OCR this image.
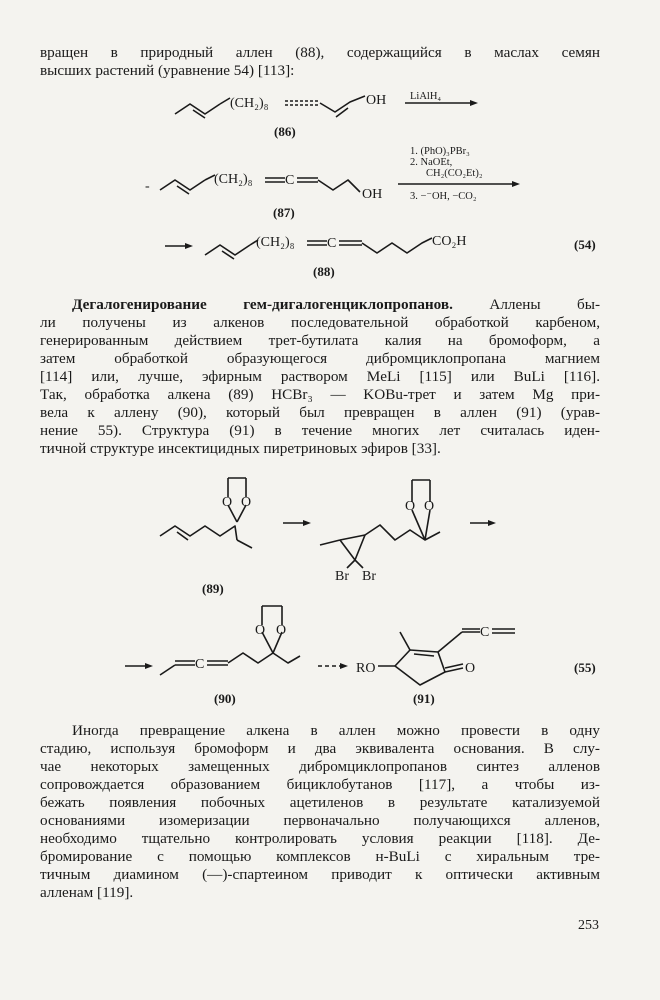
вращен в природный аллен (88), содержащийся в маслах семян
высших растений (уравнение 54) [113]:
(CH₂)₈	OH
(86)
LiAlH₄
-	(CH₂)₈ C
OH
(87)
1. (PhO)₃PBr₃
2. NaOEt,
CH₂(CO₂Et)₂
3. −⁻OH, −CO₂
(CH₂)₈ C	CO₂H
(88)
(54)
Дегалогенирование гем-дигалогенциклопропанов. Аллены бы-
ли получены из алкенов последовательной обработкой карбеном,
генерированным действием трет-бутилата калия на бромоформ, а
затем обработкой образующегося дибромциклопропана магнием
[114] или, лучше, эфирным раствором MeLi [115] или BuLi [116].
Так, обработка алкена (89) HCBr₃ — KOBu-трет и затем Mg при-
вела к аллену (90), который был превращен в аллен (91) (урав-
нение 55). Структура (91) в течение многих лет считалась иден-
тичной структуре инсектицидных пиретриновых эфиров [33].
O O
(89)
O O
Br Br
C
O O
(90)
RO
C
O
(91)
(55)
Иногда превращение алкена в аллен можно провести в одну
стадию, используя бромоформ и два эквивалента основания. В слу-
чае некоторых замещенных дибромциклопропанов синтез алленов
сопровождается образованием бициклобутанов [117], а чтобы из-
бежать появления побочных ацетиленов в результате катализуемой
основаниями изомеризации первоначально получающихся алленов,
необходимо тщательно контролировать условия реакции [118]. Де-
бромирование с помощью комплексов н-BuLi с хиральным тре-
тичным диамином (—)-спартеином приводит к оптически активным
алленам [119].
253
